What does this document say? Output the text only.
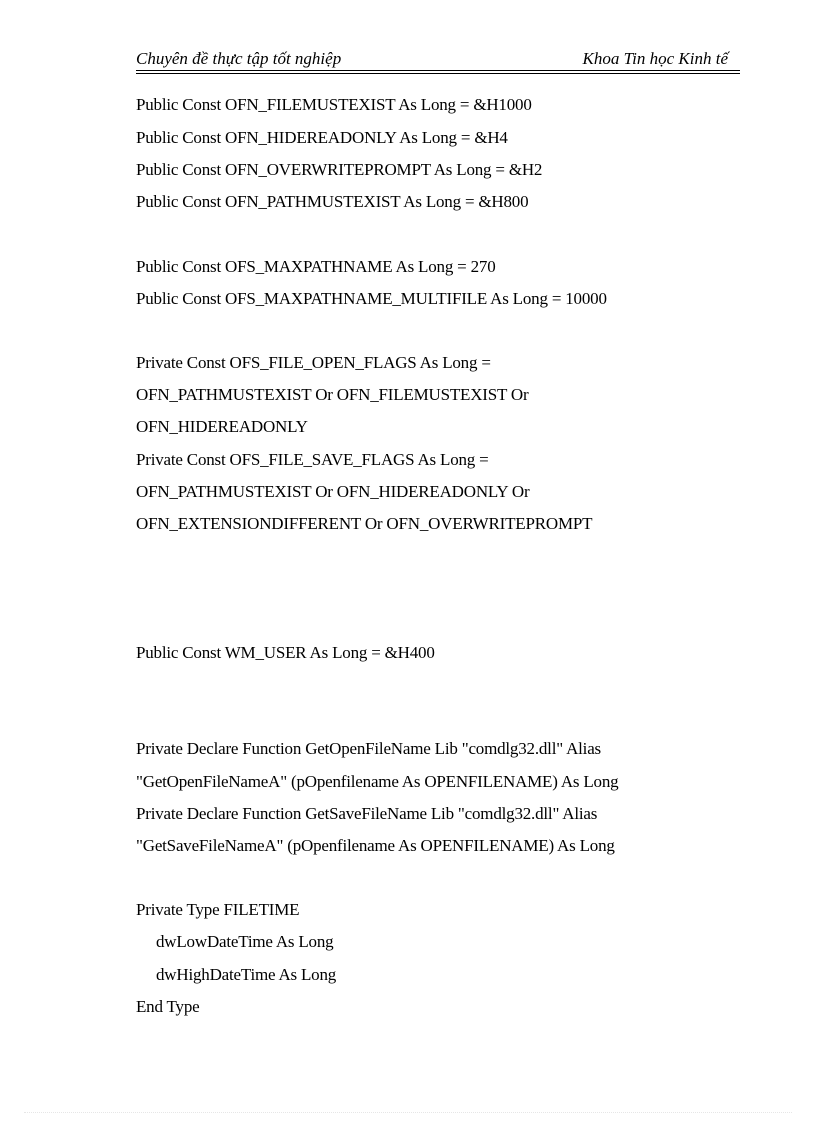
Chuyên đề thực tập tốt nghiệp	Khoa Tin học Kinh tế
Public Const OFN_FILEMUSTEXIST As Long = &H1000
Public Const OFN_HIDEREADONLY As Long = &H4
Public Const OFN_OVERWRITEPROMPT As Long = &H2
Public Const OFN_PATHMUSTEXIST As Long = &H800
Public Const OFS_MAXPATHNAME As Long = 270
Public Const OFS_MAXPATHNAME_MULTIFILE As Long = 10000
Private Const OFS_FILE_OPEN_FLAGS As Long =
OFN_PATHMUSTEXIST Or OFN_FILEMUSTEXIST Or
OFN_HIDEREADONLY
Private Const OFS_FILE_SAVE_FLAGS As Long =
OFN_PATHMUSTEXIST Or OFN_HIDEREADONLY Or
OFN_EXTENSIONDIFFERENT Or OFN_OVERWRITEPROMPT
Public Const WM_USER As Long = &H400
Private Declare Function GetOpenFileName Lib "comdlg32.dll" Alias
"GetOpenFileNameA" (pOpenfilename As OPENFILENAME) As Long
Private Declare Function GetSaveFileName Lib "comdlg32.dll" Alias
"GetSaveFileNameA" (pOpenfilename As OPENFILENAME) As Long
Private Type FILETIME
dwLowDateTime As Long
dwHighDateTime As Long
End Type
